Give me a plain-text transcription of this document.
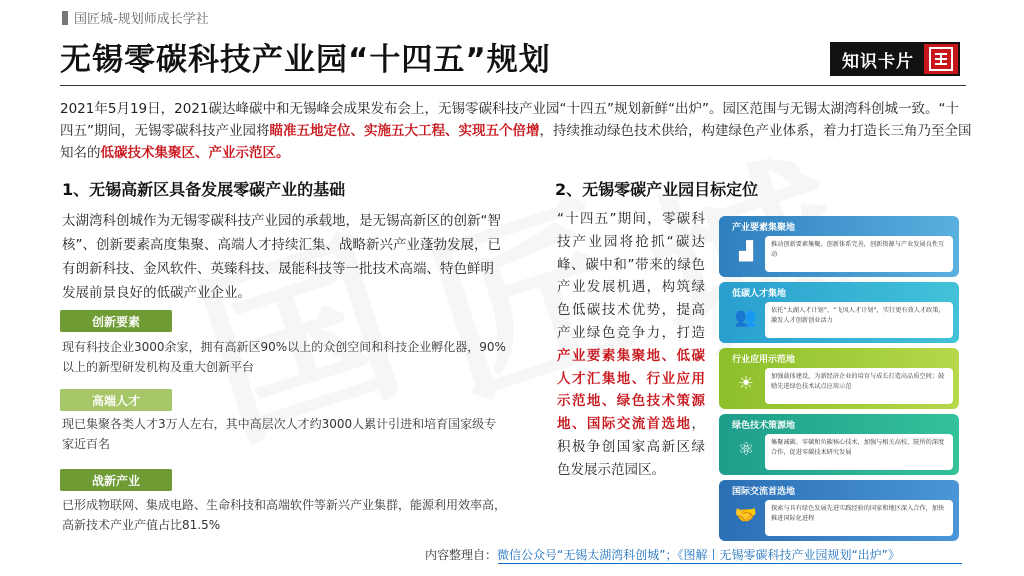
国匠城-规划师成长学社
无锡零碳科技产业园“十四五”规划	知识卡片
2021年5月19日，2021碳达峰碳中和无锡峰会成果发布会上，无锡零碳科技产业园“十四五”规划新鲜“出炉”。园区范围与无锡太湖湾科创城一致。“十四五”期间，无锡零碳科技产业园将瞄准五地定位、实施五大工程、实现五个倍增，持续推动绿色技术供给，构建绿色产业体系，着力打造长三角乃至全国知名的低碳技术集聚区、产业示范区。
1、无锡高新区具备发展零碳产业的基础
太湖湾科创城作为无锡零碳科技产业园的承载地，是无锡高新区的创新“智核”、创新要素高度集聚、高端人才持续汇集、战略新兴产业蓬勃发展，已有朗新科技、金风软件、英臻科技、晟能科技等一批技术高端、特色鲜明发展前景良好的低碳产业企业。
创新要素
现有科技企业3000余家，拥有高新区90%以上的众创空间和科技企业孵化器，90%以上的新型研发机构及重大创新平台
高端人才
现已集聚各类人才3万人左右，其中高层次人才约3000人累计引进和培育国家级专家近百名
战新产业
已形成物联网、集成电路、生命科技和高端软件等新兴产业集群，能源利用效率高，高新技术产业产值占比81.5%
2、无锡零碳产业园目标定位
“十四五”期间，零碳科技产业园将抢抓“碳达峰、碳中和”带来的绿色产业发展机遇，构筑绿色低碳技术优势，提高产业绿色竞争力，打造产业要素集聚地、低碳人才汇集地、行业应用示范地、绿色技术策源地、国际交流首选地，积极争创国家高新区绿色发展示范园区。
产业要素集聚地
▟	推动创新要素集聚，创新体系完善，创新资源与产业发展良性互动
低碳人才集地
👥	依托“太湖人才计划”、“飞凤人才计划”，实行更有效人才政策，激发人才创新创业活力
行业应用示范地
☀	加强载体建设，为新经济企业的培育与成长打造高品质空间；鼓励先进绿色技术试点应用示范
绿色技术策源地
⚛	集聚减碳、零碳和负碳核心技术，加强与相关高校、院所的深度合作，促进零碳技术研究发展
国际交流首选地
🤝	探索与具有绿色发展先进实践经验的国家和地区深入合作，加快推进国际化进程
内容整理自：微信公众号“无锡太湖湾科创城”；《图解丨无锡零碳科技产业园规划“出炉”》
